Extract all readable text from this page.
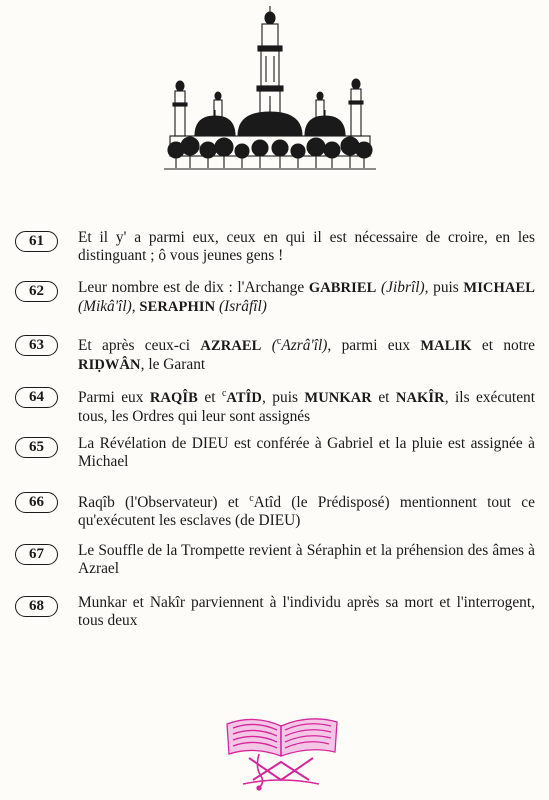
61	Et il y' a parmi eux, ceux en qui il est nécessaire de croire, en les distinguant ; ô vous jeunes gens !
62	Leur nombre est de dix : l'Archange GABRIEL (Jibrîl), puis MICHAEL (Mikâ'îl), SERAPHIN (Isrâfîl)
63	Et après ceux-ci AZRAEL ($^c$Azrâ'îl), parmi eux MALIK et notre RIḌWÂN, le Garant
64	Parmi eux RAQÎB et $^c$ATÎD, puis MUNKAR et NAKÎR, ils exécutent tous, les Ordres qui leur sont assignés
65	La Révélation de DIEU est conférée à Gabriel et la pluie est assignée à Michael
66	Raqîb (l'Observateur) et $^c$Atîd (le Prédisposé) mentionnent tout ce qu'exécutent les esclaves (de DIEU)
67	Le Souffle de la Trompette revient à Séraphin et la préhension des âmes à Azrael
68	Munkar et Nakîr parviennent à l'individu après sa mort et l'interrogent, tous deux
